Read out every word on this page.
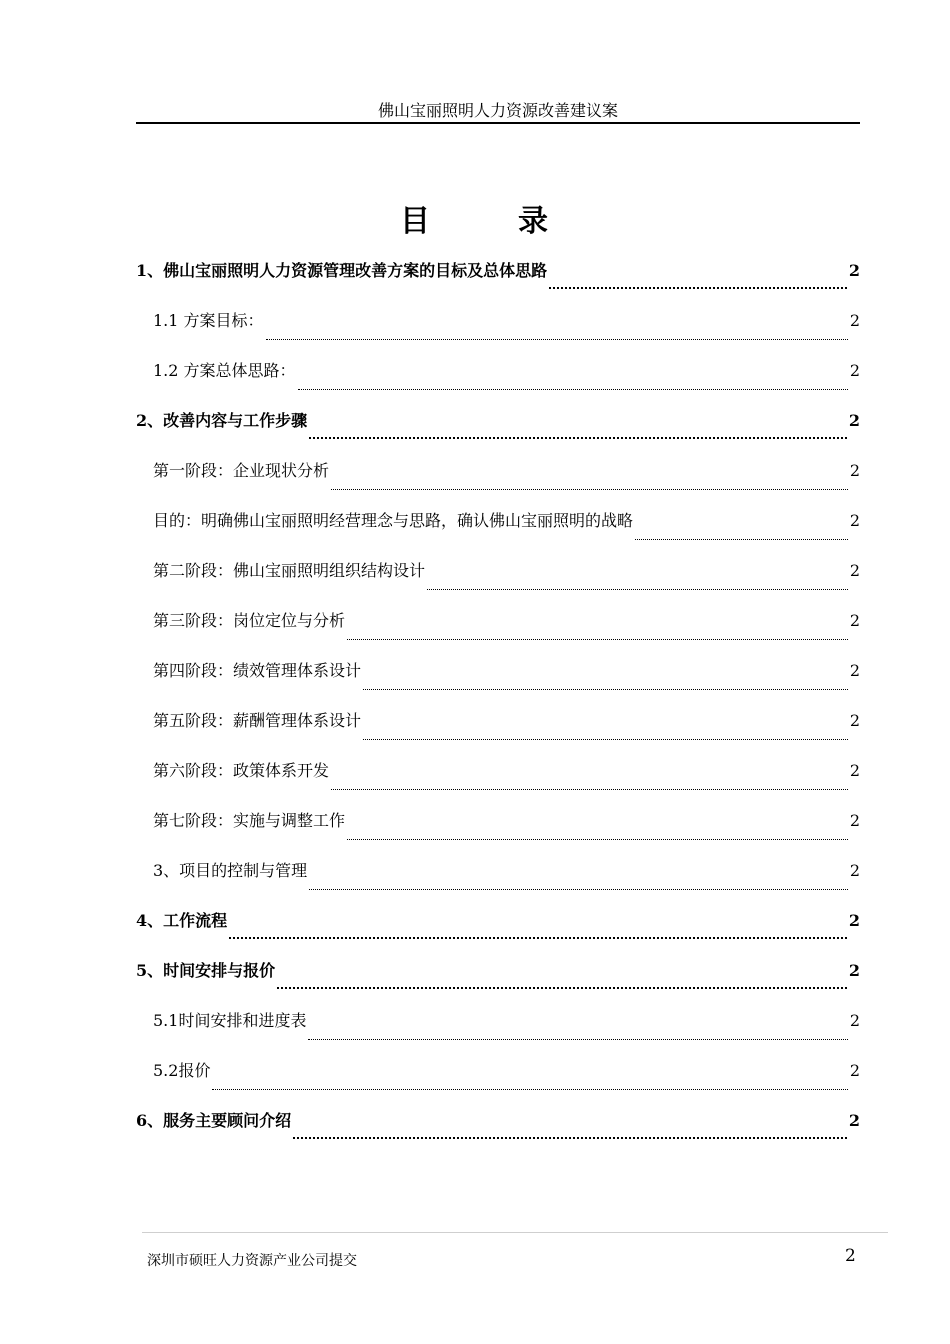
佛山宝丽照明人力资源改善建议案
目	录
1、佛山宝丽照明人力资源管理改善方案的目标及总体思路	2
1.1 方案目标：	2
1.2 方案总体思路：	2
2、改善内容与工作步骤	2
第一阶段：企业现状分析	2
目的：明确佛山宝丽照明经营理念与思路，确认佛山宝丽照明的战略	2
第二阶段：佛山宝丽照明组织结构设计	2
第三阶段：岗位定位与分析	2
第四阶段：绩效管理体系设计	2
第五阶段：薪酬管理体系设计	2
第六阶段：政策体系开发	2
第七阶段：实施与调整工作	2
3、项目的控制与管理	2
4、工作流程	2
5、时间安排与报价	2
5.1时间安排和进度表	2
5.2报价	2
6、服务主要顾问介绍	2
深圳市硕旺人力资源产业公司提交	2
